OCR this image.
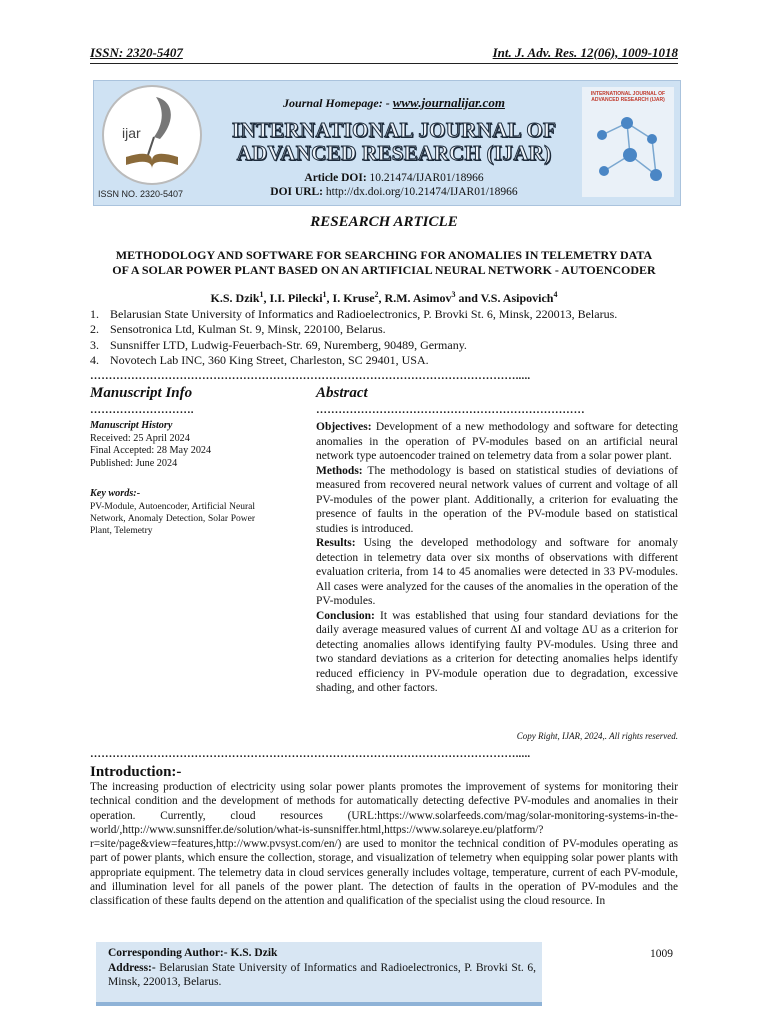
ISSN: 2320-5407	Int. J. Adv. Res. 12(06), 1009-1018
ijar
ISSN NO. 2320-5407
Journal Homepage: - www.journalijar.com
INTERNATIONAL JOURNAL OF
ADVANCED RESEARCH (IJAR)
Article DOI: 10.21474/IJAR01/18966
DOI URL: http://dx.doi.org/10.21474/IJAR01/18966
INTERNATIONAL JOURNAL OF ADVANCED RESEARCH (IJAR)
RESEARCH ARTICLE
METHODOLOGY AND SOFTWARE FOR SEARCHING FOR ANOMALIES IN TELEMETRY DATA
OF A SOLAR POWER PLANT BASED ON AN ARTIFICIAL NEURAL NETWORK - AUTOENCODER
K.S. Dzik$^1$, I.I. Pilecki$^1$, I. Kruse$^2$, R.M. Asimov$^3$ and V.S. Asipovich$^4$
1. Belarusian State University of Informatics and Radioelectronics, P. Brovki St. 6, Minsk, 220013, Belarus.
2. Sensotronica Ltd, Kulman St. 9, Minsk, 220100, Belarus.
3. Sunsniffer LTD, Ludwig-Feuerbach-Str. 69, Nuremberg, 90489, Germany.
4. Novotech Lab INC, 360 King Street, Charleston, SC 29401, USA.
…………………………………………………………………………………………………….....
Manuscript Info
……………………….
Manuscript History
Received: 25 April 2024
Final Accepted: 28 May 2024
Published: June 2024
Key words:-
PV-Module, Autoencoder, Artificial Neural Network, Anomaly Detection, Solar Power Plant, Telemetry
Abstract
………………………………………………………………

Objectives: Development of a new methodology and software for detecting anomalies in the operation of PV-modules based on an artificial neural network type autoencoder trained on telemetry data from a solar power plant.

Methods: The methodology is based on statistical studies of deviations of measured from recovered neural network values of current and voltage of all PV-modules of the power plant. Additionally, a criterion for evaluating the presence of faults in the operation of the PV-module based on statistical studies is introduced.

Results: Using the developed methodology and software for anomaly detection in telemetry data over six months of observations with different evaluation criteria, from 14 to 45 anomalies were detected in 33 PV-modules. All cases were analyzed for the causes of the anomalies in the operation of the PV-modules.

Conclusion: It was established that using four standard deviations for the daily average measured values of current ΔI and voltage ΔU as a criterion for detecting anomalies allows identifying faulty PV-modules. Using three and two standard deviations as a criterion for detecting anomalies helps identify reduced efficiency in PV-module operation due to degradation, excessive shading, and other factors.

Copy Right, IJAR, 2024,. All rights reserved.
…………………………………………………………………………………………………….....
Introduction:-
The increasing production of electricity using solar power plants promotes the improvement of systems for monitoring their technical condition and the development of methods for automatically detecting defective PV-modules and anomalies in their operation. Currently, cloud resources (URL:https://www.solarfeeds.com/mag/solar-monitoring-systems-in-the-world/,http://www.sunsniffer.de/solution/what-is-sunsniffer.html,https://www.solareye.eu/platform/?r=site/page&view=features,http://www.pvsyst.com/en/) are used to monitor the technical condition of PV-modules operating as part of power plants, which ensure the collection, storage, and visualization of telemetry when equipping solar power plants with appropriate equipment. The telemetry data in cloud services generally includes voltage, temperature, current of each PV-module, and illumination level for all panels of the power plant. The detection of faults in the operation of PV-modules and the classification of these faults depend on the attention and qualification of the specialist using the cloud resource. In
Corresponding Author:- K.S. Dzik
Address:- Belarusian State University of Informatics and Radioelectronics, P. Brovki St. 6, Minsk, 220013, Belarus.
1009
